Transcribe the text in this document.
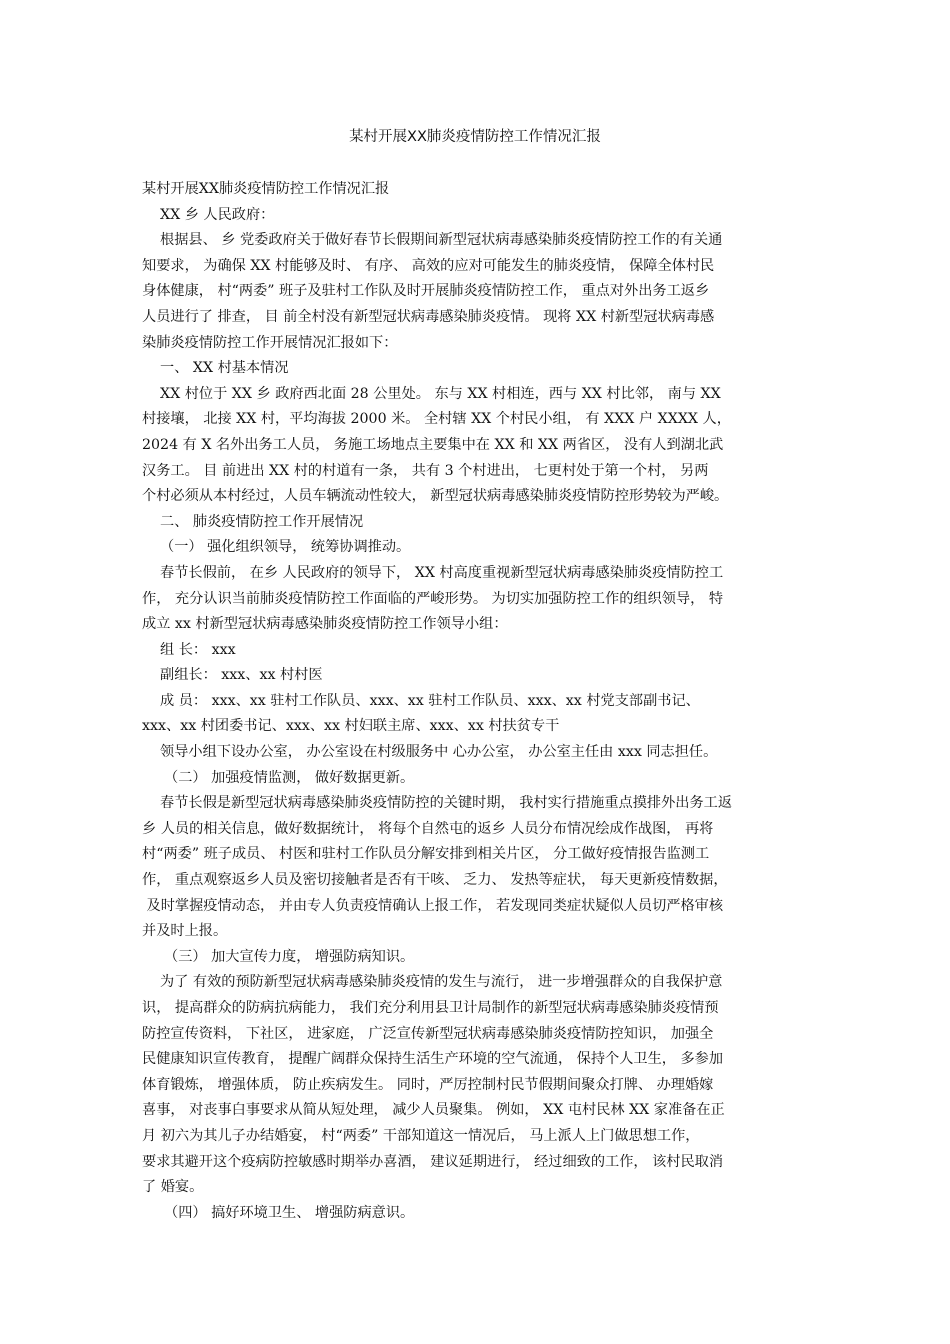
某村开展XX肺炎疫情防控工作情况汇报
某村开展XX肺炎疫情防控工作情况汇报
XX 乡 人民政府：
根据县、 乡 党委政府关于做好春节长假期间新型冠状病毒感染肺炎疫情防控工作的有关通
知要求， 为确保 XX 村能够及时、 有序、 高效的应对可能发生的肺炎疫情， 保障全体村民
身体健康， 村“两委” 班子及驻村工作队及时开展肺炎疫情防控工作， 重点对外出务工返乡
人员进行了 排查， 目 前全村没有新型冠状病毒感染肺炎疫情。 现将 XX 村新型冠状病毒感
染肺炎疫情防控工作开展情况汇报如下：
一、 XX 村基本情况
XX 村位于 XX 乡 政府西北面 28 公里处。 东与 XX 村相连，西与 XX 村比邻， 南与 XX
村接壤， 北接 XX 村，平均海拔 2000 米。 全村辖 XX 个村民小组， 有 XXX 户 XXXX 人，
2024 有 X 名外出务工人员， 务施工场地点主要集中在 XX 和 XX 两省区， 没有人到湖北武
汉务工。 目 前进出 XX 村的村道有一条， 共有 3 个村进出， 七更村处于第一个村， 另两
个村必须从本村经过，人员车辆流动性较大， 新型冠状病毒感染肺炎疫情防控形势较为严峻。
二、 肺炎疫情防控工作开展情况
（一） 强化组织领导， 统筹协调推动。
春节长假前， 在乡 人民政府的领导下， XX 村高度重视新型冠状病毒感染肺炎疫情防控工
作， 充分认识当前肺炎疫情防控工作面临的严峻形势。 为切实加强防控工作的组织领导， 特
成立 xx 村新型冠状病毒感染肺炎疫情防控工作领导小组：
组 长： xxx
副组长： xxx、xx 村村医
成 员： xxx、xx 驻村工作队员、xxx、xx 驻村工作队员、xxx、xx 村党支部副书记、
xxx、xx 村团委书记、xxx、xx 村妇联主席、xxx、xx 村扶贫专干
领导小组下设办公室， 办公室设在村级服务中 心办公室， 办公室主任由 xxx 同志担任。
（二） 加强疫情监测， 做好数据更新。
春节长假是新型冠状病毒感染肺炎疫情防控的关键时期， 我村实行措施重点摸排外出务工返
乡 人员的相关信息，做好数据统计， 将每个自然屯的返乡 人员分布情况绘成作战图， 再将
村“两委” 班子成员、 村医和驻村工作队员分解安排到相关片区， 分工做好疫情报告监测工
作， 重点观察返乡人员及密切接触者是否有干咳、 乏力、 发热等症状， 每天更新疫情数据，
及时掌握疫情动态， 并由专人负责疫情确认上报工作， 若发现同类症状疑似人员切严格审核
并及时上报。
（三） 加大宣传力度， 增强防病知识。
为了 有效的预防新型冠状病毒感染肺炎疫情的发生与流行， 进一步增强群众的自我保护意
识， 提高群众的防病抗病能力， 我们充分利用县卫计局制作的新型冠状病毒感染肺炎疫情预
防控宣传资料， 下社区， 进家庭， 广泛宣传新型冠状病毒感染肺炎疫情防控知识， 加强全
民健康知识宣传教育， 提醒广阔群众保持生活生产环境的空气流通， 保持个人卫生， 多参加
体育锻炼， 增强体质， 防止疾病发生。 同时，严厉控制村民节假期间聚众打牌、 办理婚嫁
喜事， 对丧事白事要求从简从短处理， 减少人员聚集。 例如， XX 屯村民林 XX 家准备在正
月 初六为其儿子办结婚宴， 村“两委” 干部知道这一情况后， 马上派人上门做思想工作，
要求其避开这个疫病防控敏感时期举办喜酒， 建议延期进行， 经过细致的工作， 该村民取消
了 婚宴。
（四） 搞好环境卫生、 增强防病意识。
